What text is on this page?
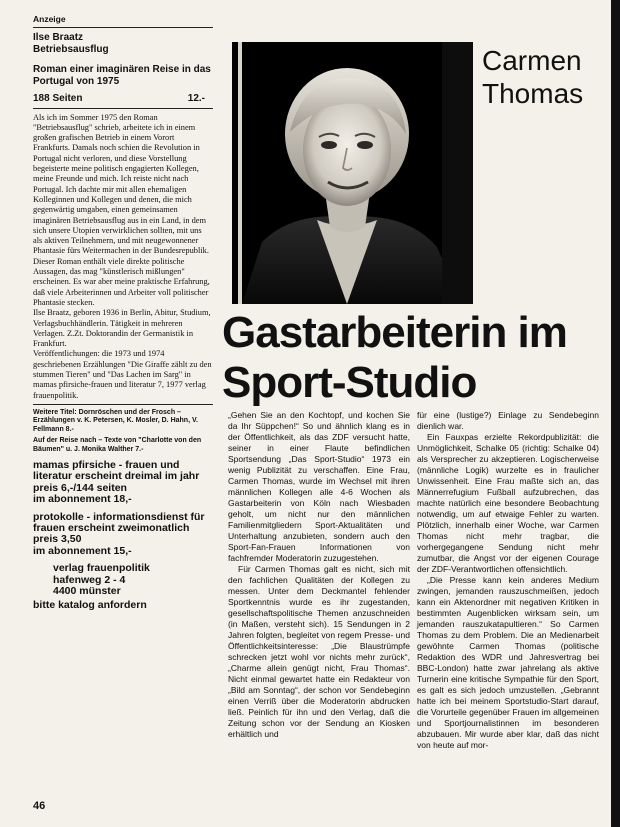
Anzeige
Ilse Braatz
Betriebsausflug
Roman einer imaginären Reise in das Portugal von 1975
188 Seiten	12.-

Als ich im Sommer 1975 den Roman "Betriebsausflug" schrieb, arbeitete ich in einem großen grafischen Betrieb in einem Vorort Frankfurts. Damals noch schien die Revolution in Portugal nicht verloren, und diese Vorstellung begeisterte meine politisch engagierten Kollegen, meine Freunde und mich. Ich reiste nicht nach Portugal. Ich dachte mir mit allen ehemaligen Kolleginnen und Kollegen und denen, die mich gegenwärtig umgaben, einen gemeinsamen imaginären Betriebsausflug aus in ein Land, in dem sich unsere Utopien verwirklichen sollten, mit uns als aktiven Teilnehmern, und mit neugewonnener Phantasie fürs Weitermachen in der Bundesrepublik.

Dieser Roman enthält viele direkte politische Aussagen, das mag "künstlerisch mißlungen" erscheinen. Es war aber meine praktische Erfahrung, daß viele Arbeiterinnen und Arbeiter voll politischer Phantasie stecken.

Ilse Braatz, geboren 1936 in Berlin, Abitur, Studium, Verlagsbuchhändlerin. Tätigkeit in mehreren Verlagen. Z.Zt. Doktorandin der Germanistik in Frankfurt.

Veröffentlichungen: die 1973 und 1974 geschriebenen Erzählungen "Die Giraffe zählt zu den stummen Tieren" und "Das Lachen im Sarg" in mamas pfirsiche-frauen und literatur 7, 1977 verlag frauenpolitik.

Weitere Titel: Dornröschen und der Frosch – Erzählungen v. K. Petersen, K. Mosler, D. Hahn, V. Fellmann 8.-
Auf der Reise nach – Texte von "Charlotte von den Bäumen" u. J. Monika Walther 7.-
mamas pfirsiche - frauen und literatur erscheint dreimal im jahr
preis 6,-/144 seiten
im abonnement 18,-
protokolle - informationsdienst für frauen erscheint zweimonatlich
preis 3,50
im abonnement 15,-
verlag frauenpolitik
hafenweg 2 - 4
4400 münster
bitte katalog anfordern
46
Carmen
Thomas
Gastarbeiterin im
Sport-Studio

„Gehen Sie an den Kochtopf, und kochen Sie da Ihr Süppchen!“ So und ähnlich klang es in der Öffentlichkeit, als das ZDF versucht hatte, seiner in einer Flaute befindlichen Sportsendung „Das Sport-Studio“ 1973 ein wenig Publizität zu verschaffen. Eine Frau, Carmen Thomas, wurde im Wechsel mit ihren männlichen Kollegen alle 4-6 Wochen als Gastarbeiterin von Köln nach Wiesbaden geholt, um nicht nur den männlichen Familienmitgliedern Sport-Aktualitäten und Unterhaltung anzubieten, sondern auch den Sport-Fan-Frauen Informationen von fachfremder Moderatorin zuzugestehen.

Für Carmen Thomas galt es nicht, sich mit den fachlichen Qualitäten der Kollegen zu messen. Unter dem Deckmantel fehlender Sportkenntnis wurde es ihr zugestanden, gesellschaftspolitische Themen anzuschneiden (in Maßen, versteht sich). 15 Sendungen in 2 Jahren folgten, begleitet von regem Presse- und Öffentlichkeitsinteresse: „Die Blaustrümpfe schrecken jetzt wohl vor nichts mehr zurück“, „Charme allein genügt nicht, Frau Thomas“. Nicht einmal gewartet hatte ein Redakteur von „Bild am Sonntag“, der schon vor Sendebeginn einen Verriß über die Moderatorin abdrucken ließ. Peinlich für ihn und den Verlag, daß die Zeitung schon vor der Sendung an Kiosken erhältlich und

für eine (lustige?) Einlage zu Sendebeginn dienlich war.

Ein Fauxpas erzielte Rekordpublizität: die Unmöglichkeit, Schalke 05 (richtig: Schalke 04) als Versprecher zu akzeptieren. Logischerweise (männliche Logik) wurzelte es in fraulicher Unwissenheit. Eine Frau maßte sich an, das Männerrefugium Fußball aufzubrechen, das machte natürlich eine besondere Beobachtung notwendig, um auf etwaige Fehler zu warten. Plötzlich, innerhalb einer Woche, war Carmen Thomas nicht mehr tragbar, die vorhergegangene Sendung nicht mehr zumutbar, die Angst vor der eigenen Courage der ZDF-Verantwortlichen offensichtlich.

„Die Presse kann kein anderes Medium zwingen, jemanden rauszuschmeißen, jedoch kann ein Aktenordner mit negativen Kritiken in bestimmten Augenblicken wirksam sein, um jemanden rauszukatapultieren.“ So Carmen Thomas zu dem Problem. Die an Medienarbeit gewöhnte Carmen Thomas (politische Redaktion des WDR und Jahresvertrag bei BBC-London) hatte zwar jahrelang als aktive Turnerin eine kritische Sympathie für den Sport, es galt es sich jedoch umzustellen. „Gebrannt hatte ich bei meinem Sportstudio-Start darauf, die Vorurteile gegenüber Frauen im allgemeinen und Sportjournalistinnen im besonderen abzubauen. Mir wurde aber klar, daß das nicht von heute auf mor-
